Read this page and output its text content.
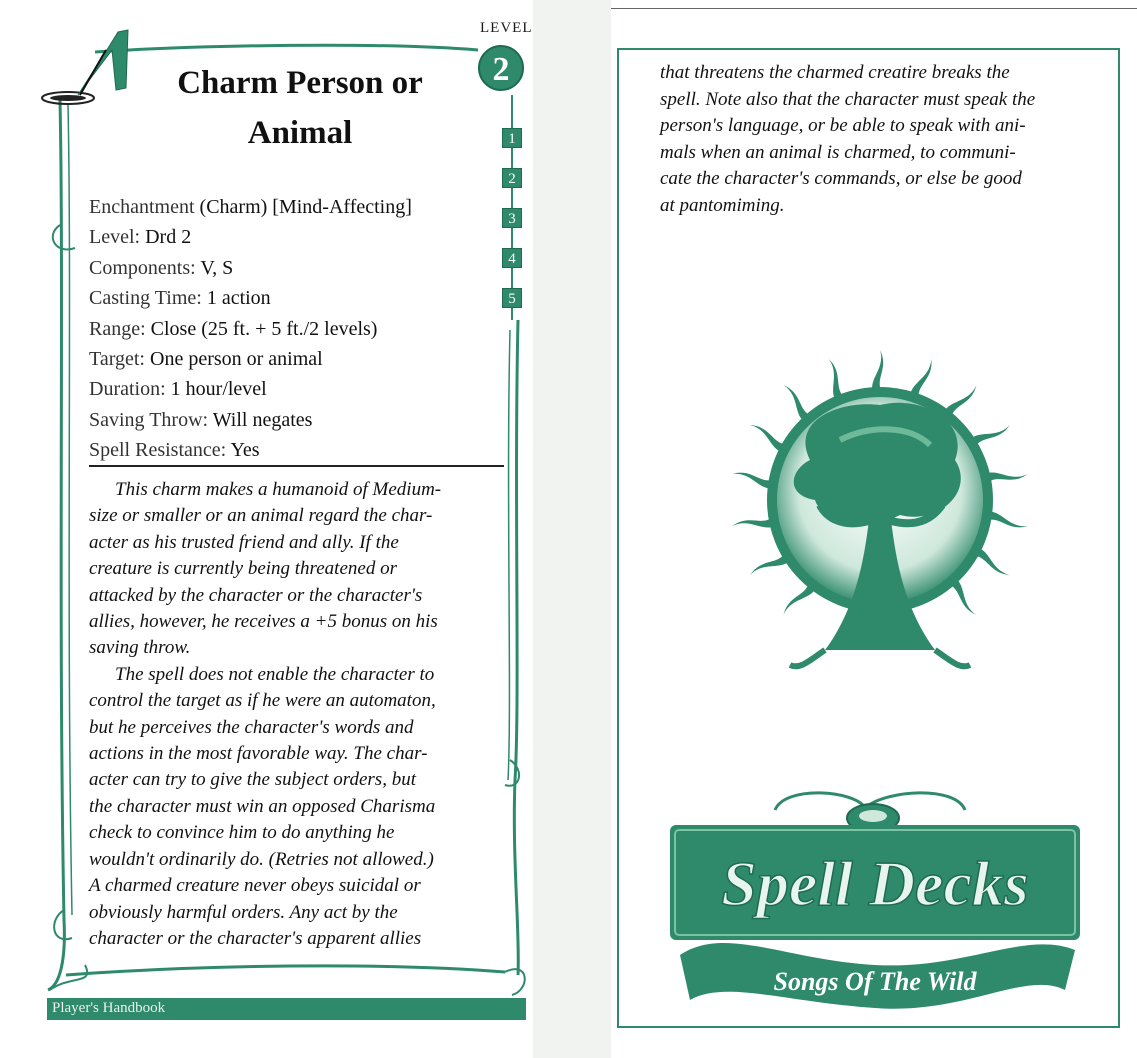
LEVEL
2
Charm Person or
Animal	1
2
3
4
5
Enchantment (Charm) [Mind-Affecting]
Level: Drd 2
Components: V, S
Casting Time: 1 action
Range: Close (25 ft. + 5 ft./2 levels)
Target: One person or animal
Duration: 1 hour/level
Saving Throw: Will negates
Spell Resistance: Yes
This charm makes a humanoid of Medium-
size or smaller or an animal regard the char-
acter as his trusted friend and ally. If the
creature is currently being threatened or
attacked by the character or the character's
allies, however, he receives a +5 bonus on his
saving throw.
The spell does not enable the character to
control the target as if he were an automaton,
but he perceives the character's words and
actions in the most favorable way. The char-
acter can try to give the subject orders, but
the character must win an opposed Charisma
check to convince him to do anything he
wouldn't ordinarily do. (Retries not allowed.)
A charmed creature never obeys suicidal or
obviously harmful orders. Any act by the
character or the character's apparent allies
Player's Handbook
that threatens the charmed creatire breaks the
spell. Note also that the character must speak the
person's language, or be able to speak with ani-
mals when an animal is charmed, to communi-
cate the character's commands, or else be good
at pantomiming.
Spell Decks
Songs Of The Wild
